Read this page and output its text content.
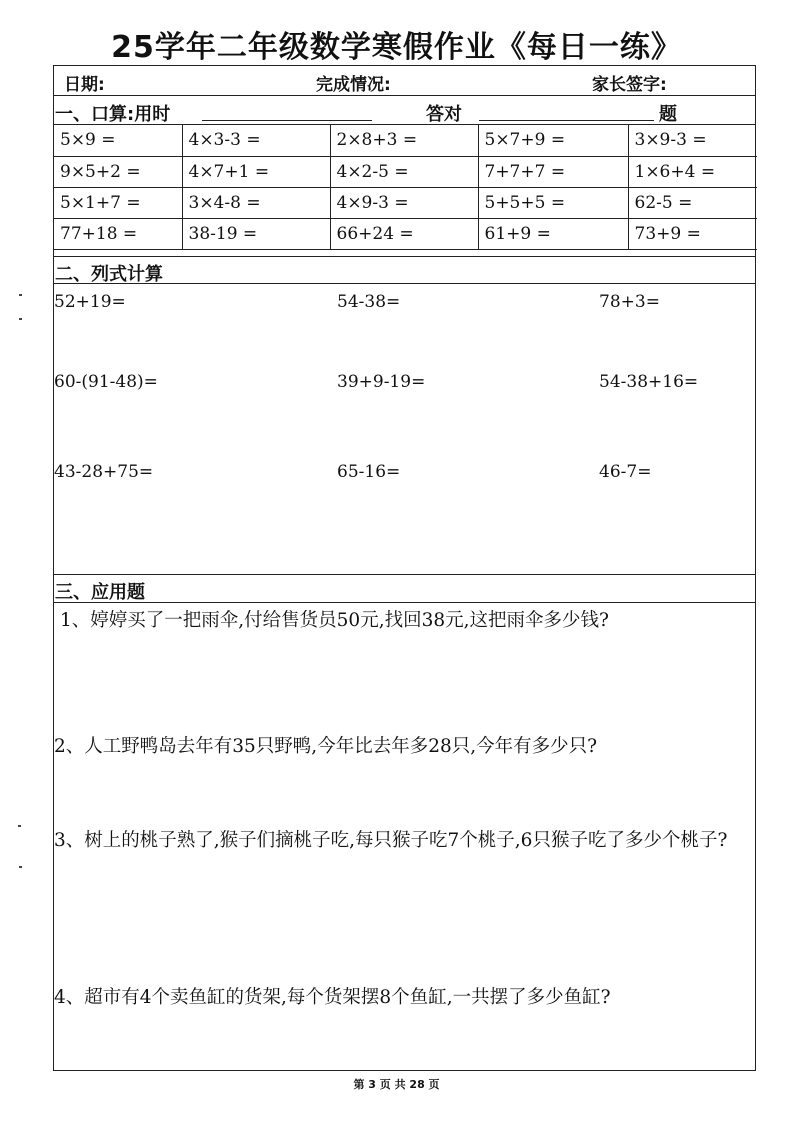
25学年二年级数学寒假作业《每日一练》
日期:	完成情况:	家长签字:
一、口算:用时	答对	题
5×9 =	4×3-3 =	2×8+3 =	5×7+9 =	3×9-3 =
9×5+2 =	4×7+1 =	4×2-5 =	7+7+7 =	1×6+4 =
5×1+7 =	3×4-8 =	4×9-3 =	5+5+5 =	62-5 =
77+18 =	38-19 =	66+24 =	61+9 =	73+9 =
二、列式计算
52+19=	54-38=	78+3=
60-(91-48)=	39+9-19=	54-38+16=
43-28+75=	65-16=	46-7=
三、应用题
1、婷婷买了一把雨伞,付给售货员50元,找回38元,这把雨伞多少钱?
2、人工野鸭岛去年有35只野鸭,今年比去年多28只,今年有多少只?
3、树上的桃子熟了,猴子们摘桃子吃,每只猴子吃7个桃子,6只猴子吃了多少个桃子?
4、超市有4个卖鱼缸的货架,每个货架摆8个鱼缸,一共摆了多少鱼缸?
第 3 页 共 28 页
